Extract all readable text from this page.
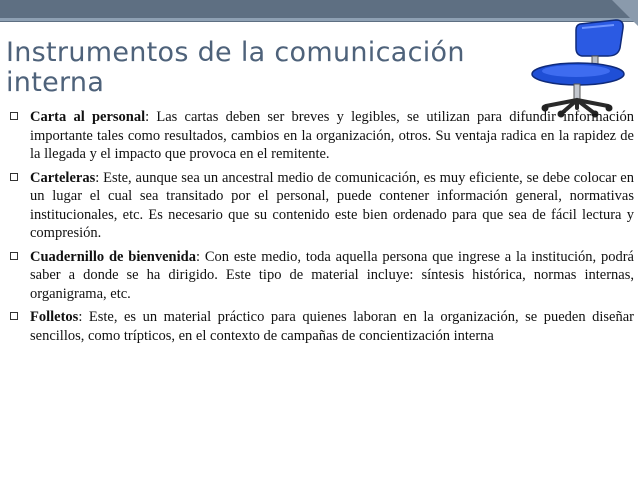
Instrumentos de la comunicación interna
Carta al personal: Las cartas deben ser breves y legibles, se utilizan para difundir información importante tales como resultados, cambios en la organización, otros. Su ventaja radica en la rapidez de la llegada y el impacto que provoca en el remitente.
Carteleras: Este, aunque sea un ancestral medio de comunicación, es muy eficiente, se debe colocar en un lugar el cual sea transitado por el personal, puede contener información general, normativas institucionales, etc. Es necesario que su contenido este bien ordenado para que sea de fácil lectura y compresión.
Cuadernillo de bienvenida: Con este medio, toda aquella persona que ingrese a la institución, podrá saber a donde se ha dirigido. Este tipo de material incluye: síntesis histórica, normas internas, organigrama, etc.
Folletos: Este, es un material práctico para quienes laboran en la organización, se pueden diseñar sencillos, como trípticos, en el contexto de campañas de concientización interna
